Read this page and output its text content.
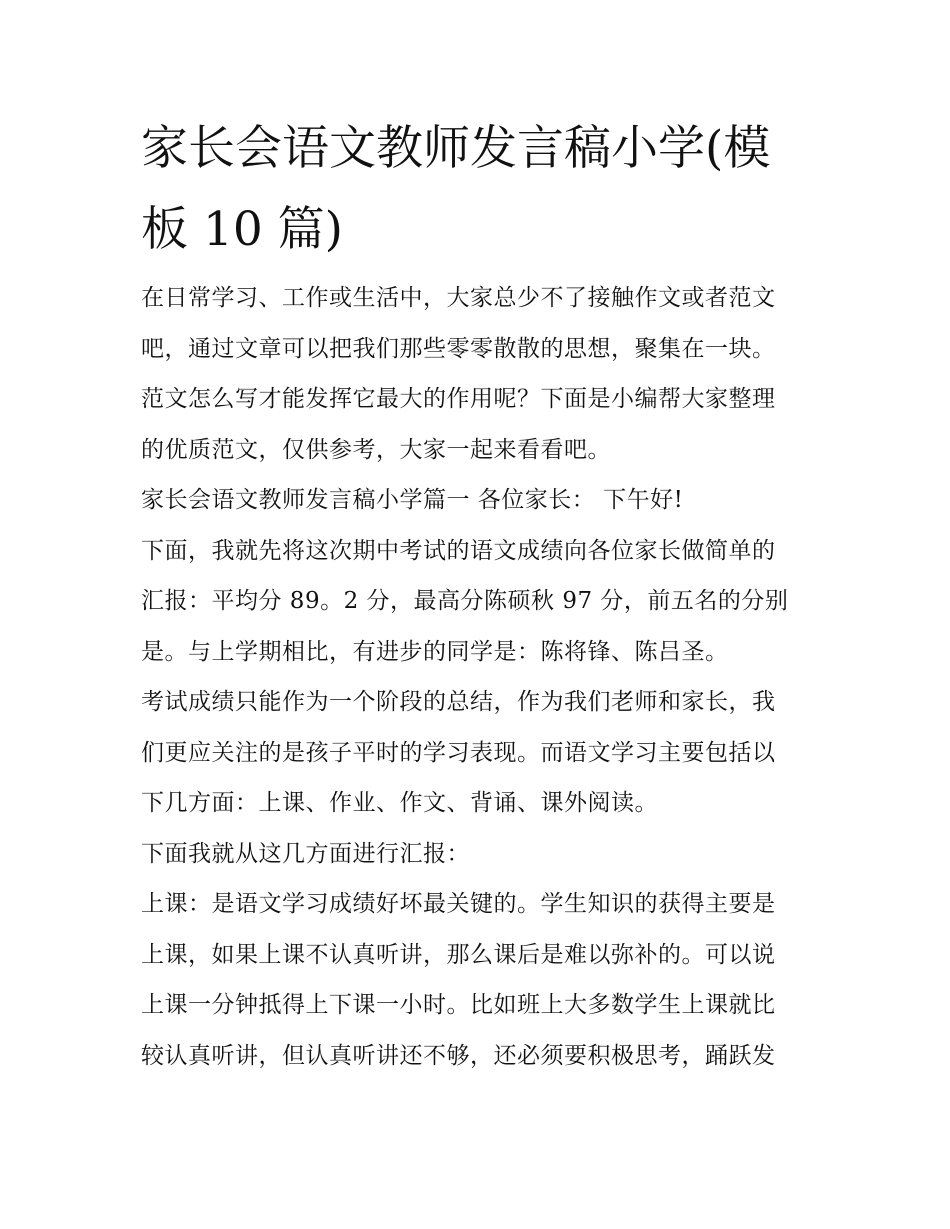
家长会语文教师发言稿小学(模
板 10 篇)

在日常学习、工作或生活中，大家总少不了接触作文或者范文
吧，通过文章可以把我们那些零零散散的思想，聚集在一块。
范文怎么写才能发挥它最大的作用呢？下面是小编帮大家整理
的优质范文，仅供参考，大家一起来看看吧。

家长会语文教师发言稿小学篇一 各位家长： 下午好!

下面，我就先将这次期中考试的语文成绩向各位家长做简单的
汇报：平均分 89。2 分，最高分陈硕秋 97 分，前五名的分别
是。与上学期相比，有进步的同学是：陈将锋、陈吕圣。

考试成绩只能作为一个阶段的总结，作为我们老师和家长，我
们更应关注的是孩子平时的学习表现。而语文学习主要包括以
下几方面：上课、作业、作文、背诵、课外阅读。

下面我就从这几方面进行汇报：

上课：是语文学习成绩好坏最关键的。学生知识的获得主要是
上课，如果上课不认真听讲，那么课后是难以弥补的。可以说
上课一分钟抵得上下课一小时。比如班上大多数学生上课就比
较认真听讲，但认真听讲还不够，还必须要积极思考，踊跃发
